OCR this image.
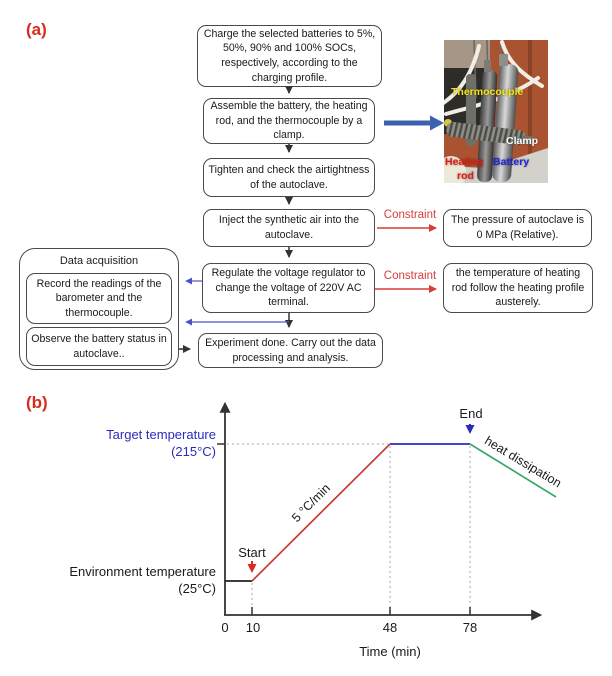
(a)	Charge the selected batteries to 5%, 50%, 90% and 100% SOCs, respectively, according to the charging profile.
Assemble the battery, the heating rod, and the thermocouple by a clamp.
Tighten and check the airtightness of the autoclave.
Inject the synthetic air into the autoclave.
Regulate the voltage regulator to change the voltage of 220V AC terminal.
Experiment done. Carry out the data processing and analysis.
The pressure of autoclave is 0 MPa (Relative).
the temperature of heating rod follow the heating profile austerely.
Constraint
Constraint
Data acquisition
Record the readings of the barometer and the thermocouple.
Observe the battery status in autoclave..
Thermocouple
Clamp
Heating
rod
Battery
(b)
Target temperature
(215°C)
Environment temperature
(25°C)
Start
End
5 °C/min
heat dissipation
0 10	48	78
Time (min)
